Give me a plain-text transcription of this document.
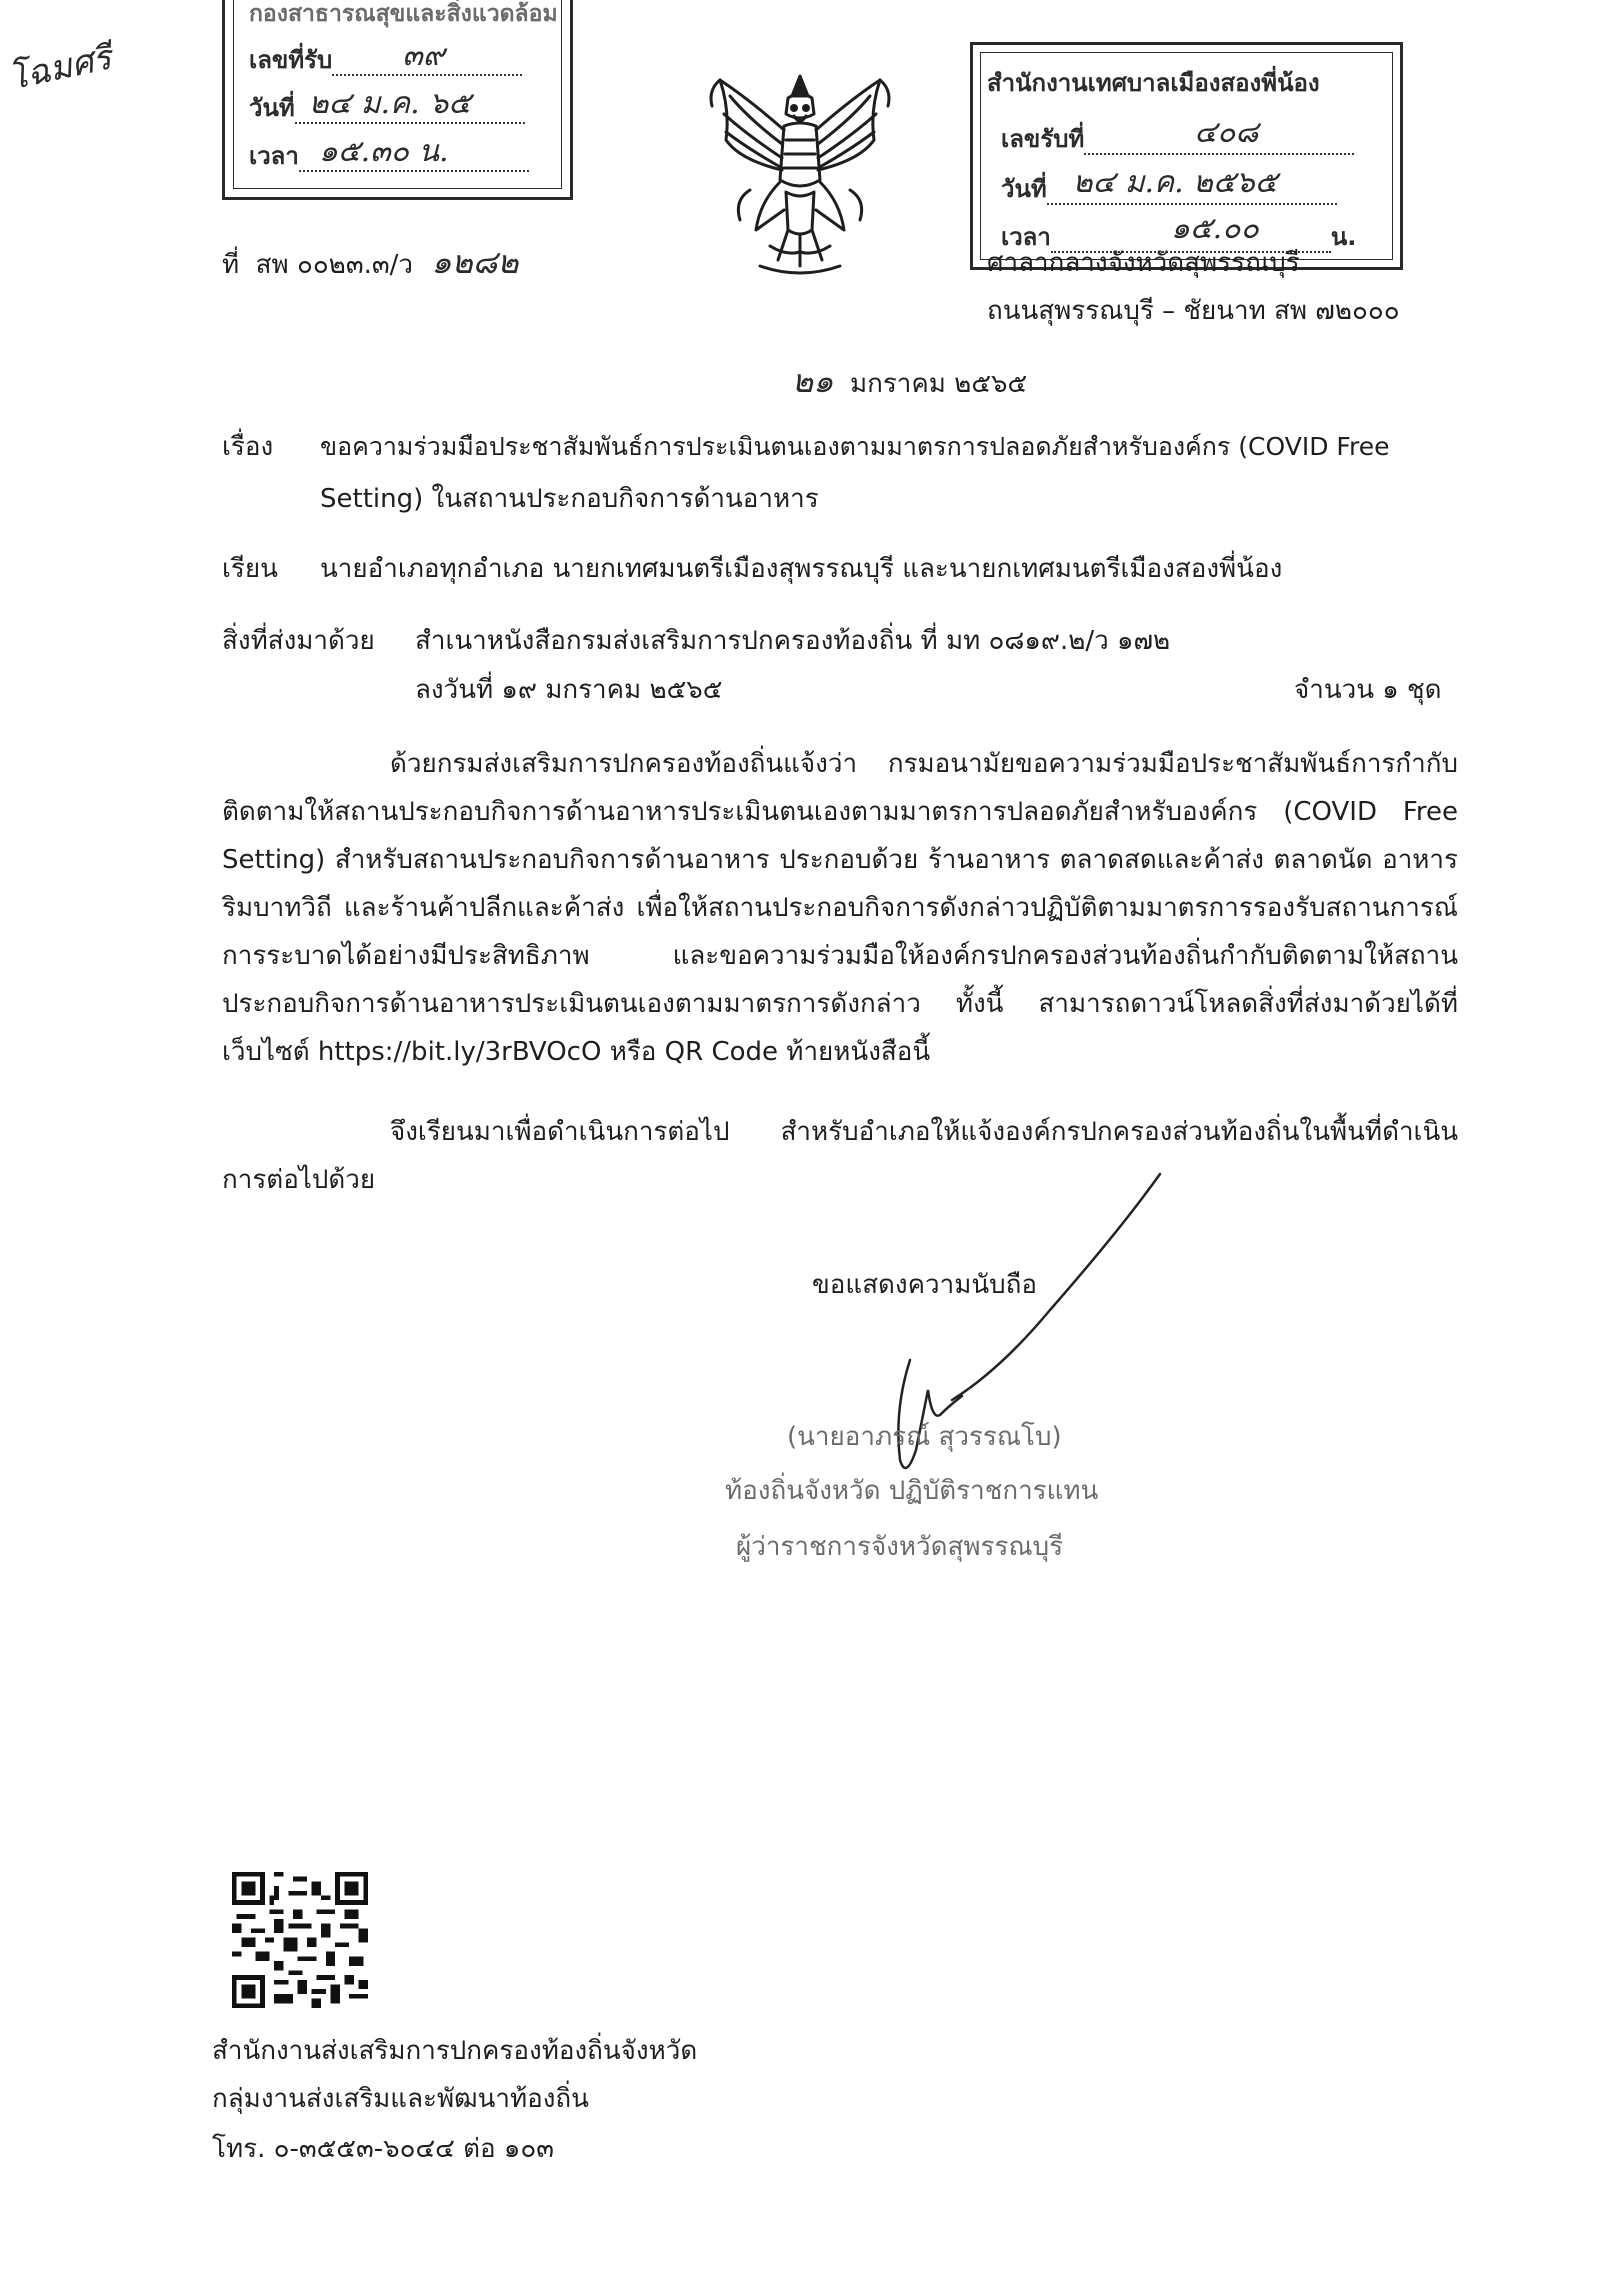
โฉมศรี
กองสาธารณสุขและสิ่งแวดล้อม
เลขที่รับ ๓๙

วันที่ ๒๔ ม.ค. ๖๕

เวลา ๑๕.๓๐ น.

สำนักงานเทศบาลเมืองสองพี่น้อง
เลขรับที่	๔๐๘

วันที่ ๒๔ ม.ค. ๒๕๖๕

เวลา	๑๕.๐๐	น.
ที่ สพ ๐๐๒๓.๓/ว ๑๒๘๒	ศาลากลางจังหวัดสุพรรณบุรี
ถนนสุพรรณบุรี – ชัยนาท สพ ๗๒๐๐๐
๒๑ มกราคม ๒๕๖๕
เรื่อง ขอความร่วมมือประชาสัมพันธ์การประเมินตนเองตามมาตรการปลอดภัยสำหรับองค์กร (COVID Free
Setting) ในสถานประกอบกิจการด้านอาหาร
เรียน นายอำเภอทุกอำเภอ นายกเทศมนตรีเมืองสุพรรณบุรี และนายกเทศมนตรีเมืองสองพี่น้อง
สิ่งที่ส่งมาด้วย สำเนาหนังสือกรมส่งเสริมการปกครองท้องถิ่น ที่ มท ๐๘๑๙.๒/ว ๑๗๒
ลงวันที่ ๑๙ มกราคม ๒๕๖๕	จำนวน ๑ ชุด
ด้วยกรมส่งเสริมการปกครองท้องถิ่นแจ้งว่า กรมอนามัยขอความร่วมมือประชาสัมพันธ์การกำกับติดตามให้สถานประกอบกิจการด้านอาหารประเมินตนเองตามมาตรการปลอดภัยสำหรับองค์กร (COVID Free Setting) สำหรับสถานประกอบกิจการด้านอาหาร ประกอบด้วย ร้านอาหาร ตลาดสดและค้าส่ง ตลาดนัด อาหารริมบาทวิถี และร้านค้าปลีกและค้าส่ง เพื่อให้สถานประกอบกิจการดังกล่าวปฏิบัติตามมาตรการรองรับสถานการณ์การระบาดได้อย่างมีประสิทธิภาพ และขอความร่วมมือให้องค์กรปกครองส่วนท้องถิ่นกำกับติดตามให้สถานประกอบกิจการด้านอาหารประเมินตนเองตามมาตรการดังกล่าว ทั้งนี้ สามารถดาวน์โหลดสิ่งที่ส่งมาด้วยได้ที่เว็บไซต์ https://bit.ly/3rBVOcO หรือ QR Code ท้ายหนังสือนี้
จึงเรียนมาเพื่อดำเนินการต่อไป สำหรับอำเภอให้แจ้งองค์กรปกครองส่วนท้องถิ่นในพื้นที่ดำเนินการต่อไปด้วย
ขอแสดงความนับถือ
(นายอาภรณ์ สุวรรณโบ)
ท้องถิ่นจังหวัด ปฏิบัติราชการแทน
ผู้ว่าราชการจังหวัดสุพรรณบุรี
สำนักงานส่งเสริมการปกครองท้องถิ่นจังหวัด
กลุ่มงานส่งเสริมและพัฒนาท้องถิ่น
โทร. ๐-๓๕๕๓-๖๐๔๔ ต่อ ๑๐๓
